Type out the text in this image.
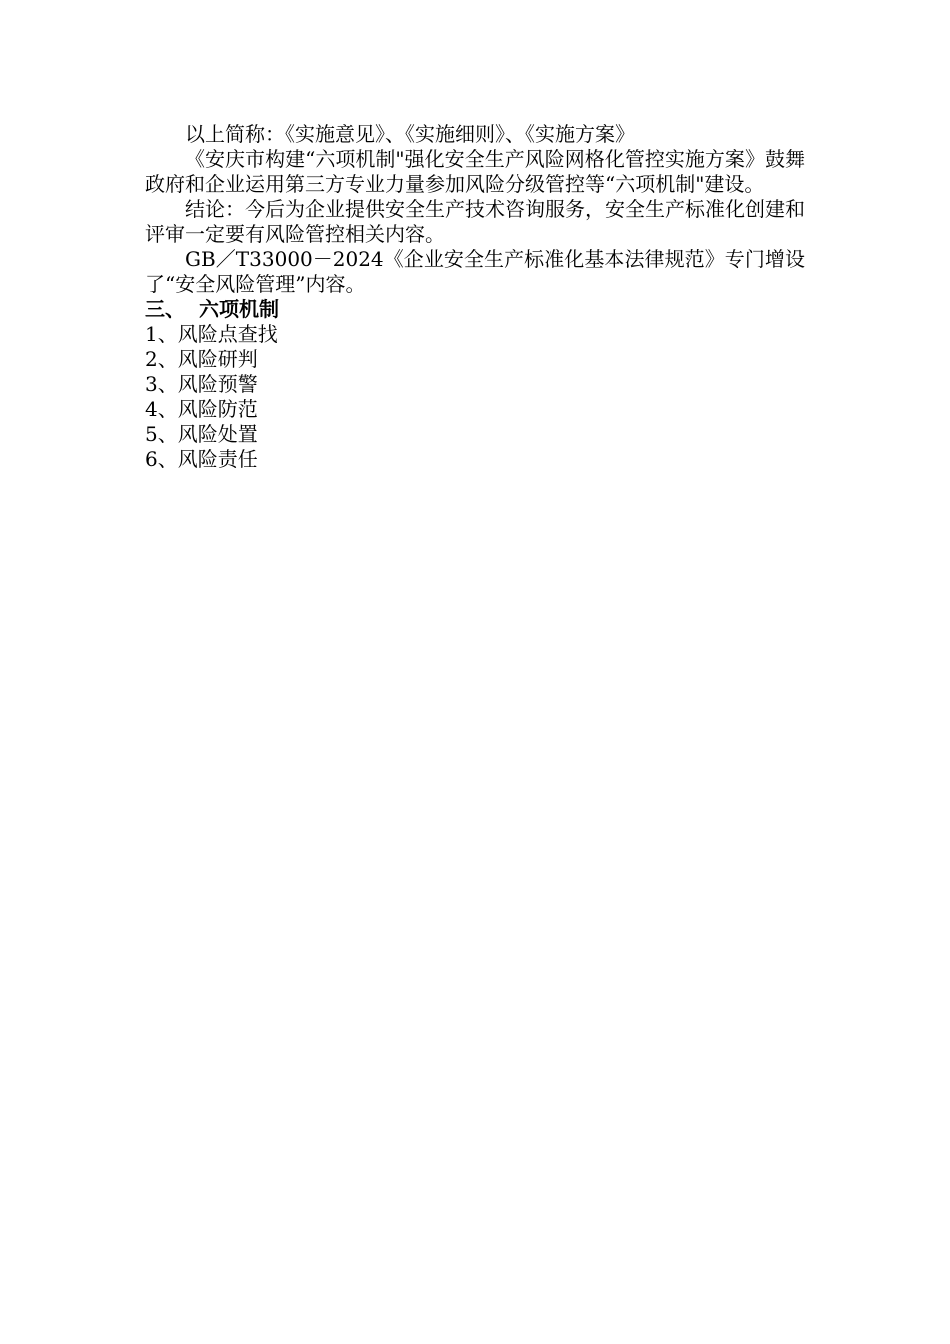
以上简称：《实施意见》、《实施细则》、《实施方案》

《安庆市构建“六项机制"强化安全生产风险网格化管控实施方案》鼓舞政府和企业运用第三方专业力量参加风险分级管控等“六项机制"建设。

结论：今后为企业提供安全生产技术咨询服务，安全生产标准化创建和评审一定要有风险管控相关内容。

GB／T33000－2024《企业安全生产标准化基本法律规范》专门增设了“安全风险管理”内容。

三、 六项机制
1、风险点查找
2、风险研判
3、风险预警
4、风险防范
5、风险处置
6、风险责任
